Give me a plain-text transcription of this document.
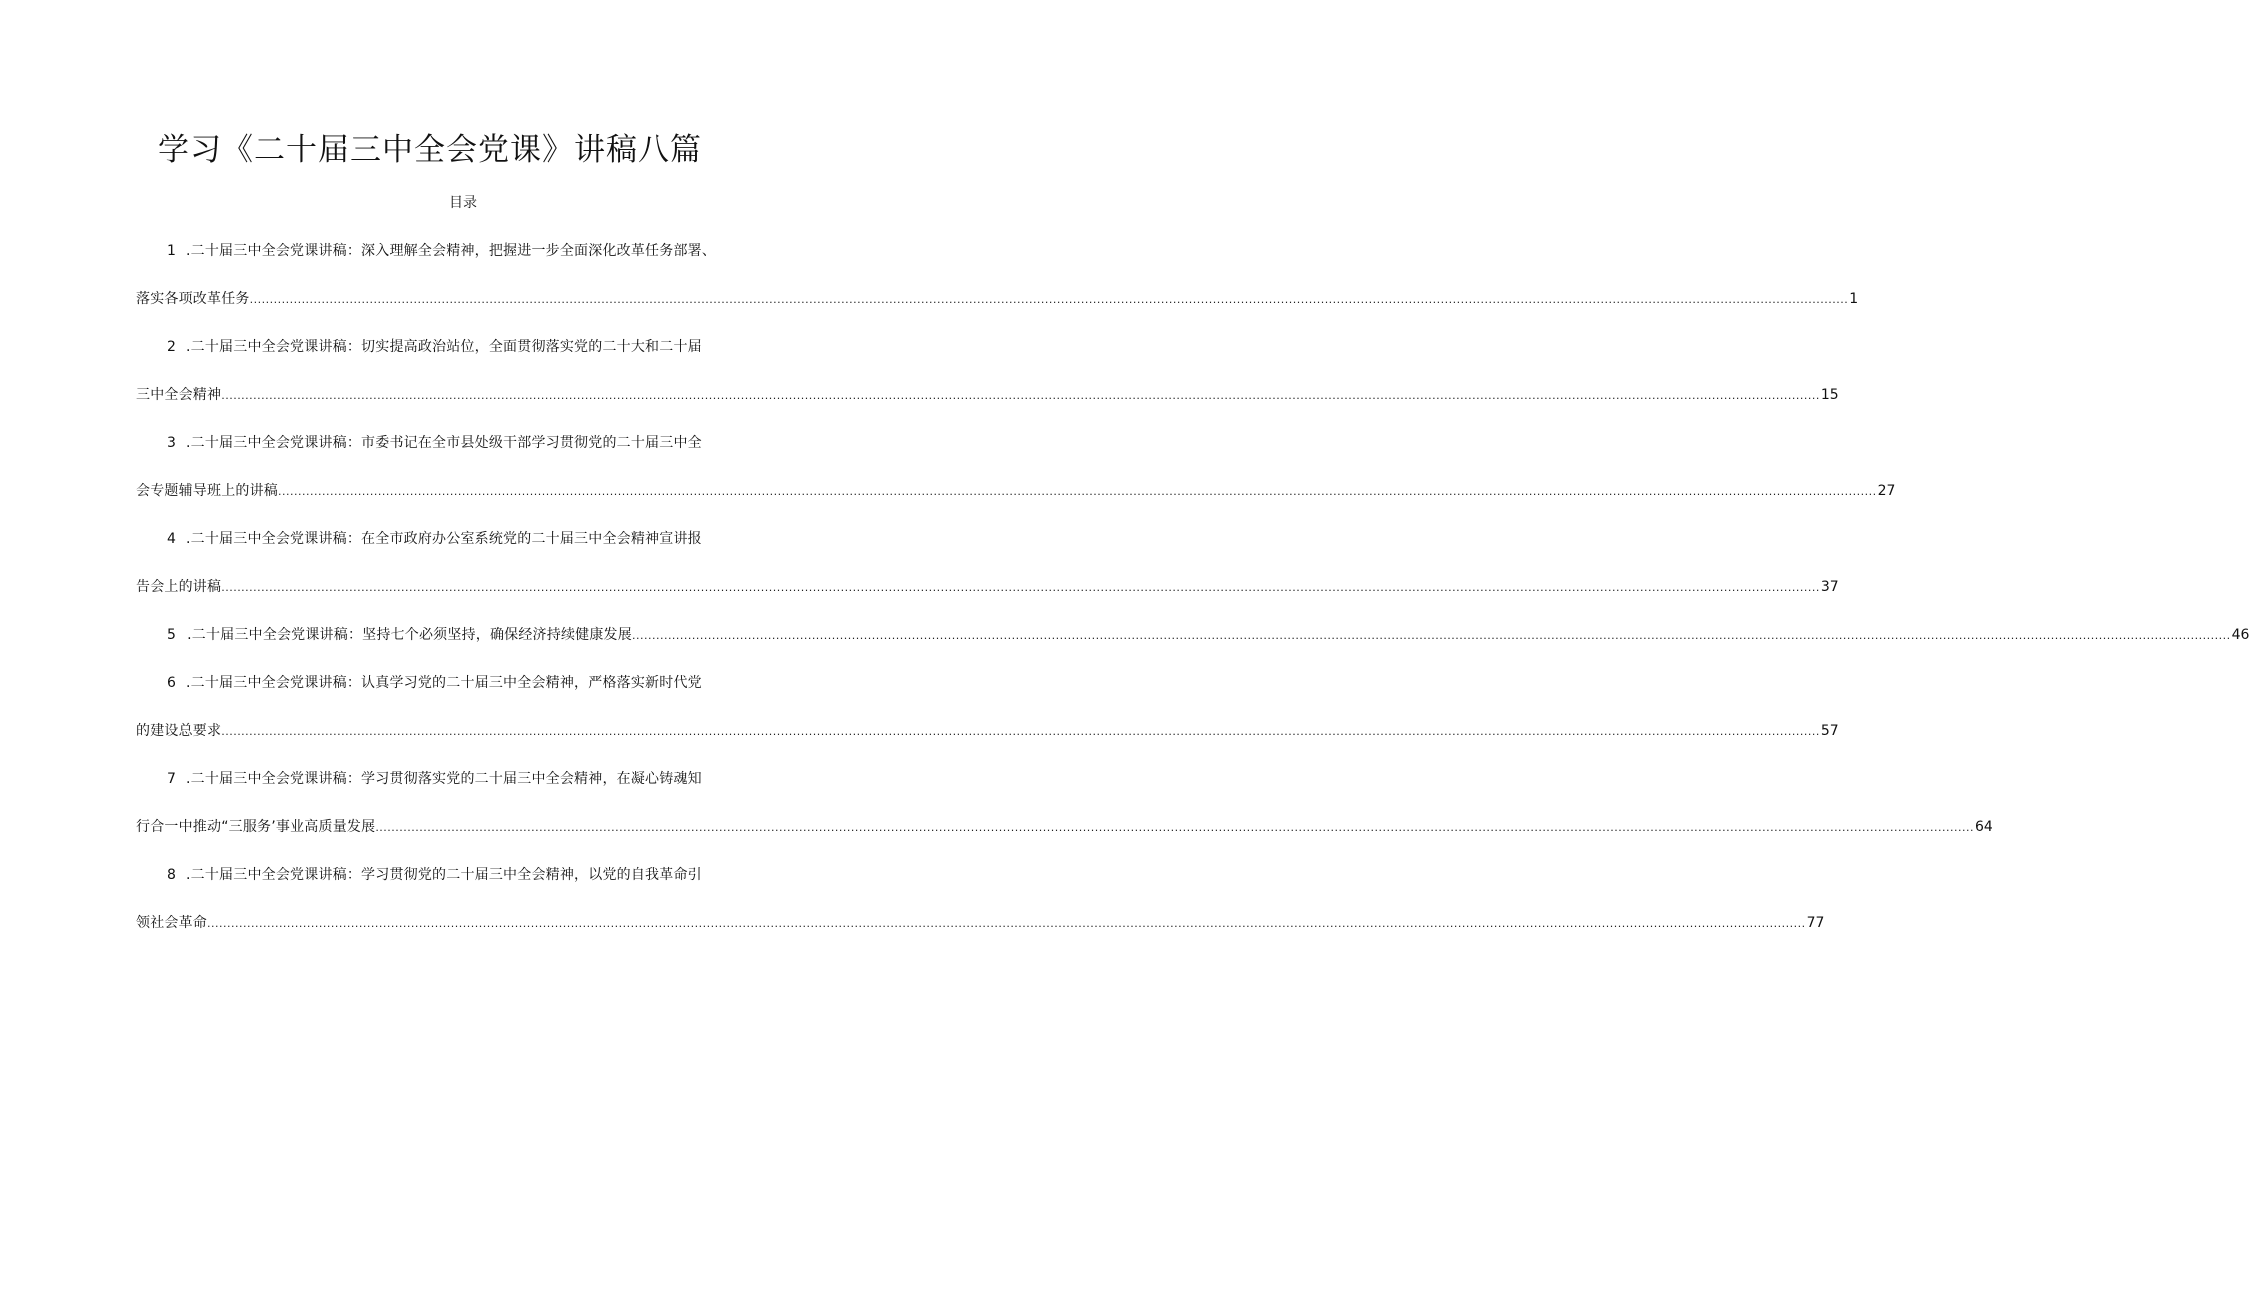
学习《二十届三中全会党课》讲稿八篇
目录
1 .二十届三中全会党课讲稿：深入理解全会精神，把握进一步全面深化改革任务部署、
落实各项改革任务 ................................................................................................................................................................................................................................................................................................................................................................................................................ 1
2 .二十届三中全会党课讲稿：切实提高政治站位，全面贯彻落实党的二十大和二十届
三中全会精神 ................................................................................................................................................................................................................................................................................................................................................................................................................ 15
3 .二十届三中全会党课讲稿：市委书记在全市县处级干部学习贯彻党的二十届三中全
会专题辅导班上的讲稿 ................................................................................................................................................................................................................................................................................................................................................................................................................ 27
4 .二十届三中全会党课讲稿：在全市政府办公室系统党的二十届三中全会精神宣讲报
告会上的讲稿 ................................................................................................................................................................................................................................................................................................................................................................................................................ 37
5 .二十届三中全会党课讲稿：坚持七个必须坚持，确保经济持续健康发展 ................................................................................................................................................................................................................................................................................................................................................................................................................ 46
6 .二十届三中全会党课讲稿：认真学习党的二十届三中全会精神，严格落实新时代党
的建设总要求 ................................................................................................................................................................................................................................................................................................................................................................................................................ 57
7 .二十届三中全会党课讲稿：学习贯彻落实党的二十届三中全会精神，在凝心铸魂知
行合一中推动“三服务’事业高质量发展 ................................................................................................................................................................................................................................................................................................................................................................................................................ 64
8 .二十届三中全会党课讲稿：学习贯彻党的二十届三中全会精神，以党的自我革命引
领社会革命 ................................................................................................................................................................................................................................................................................................................................................................................................................ 77
